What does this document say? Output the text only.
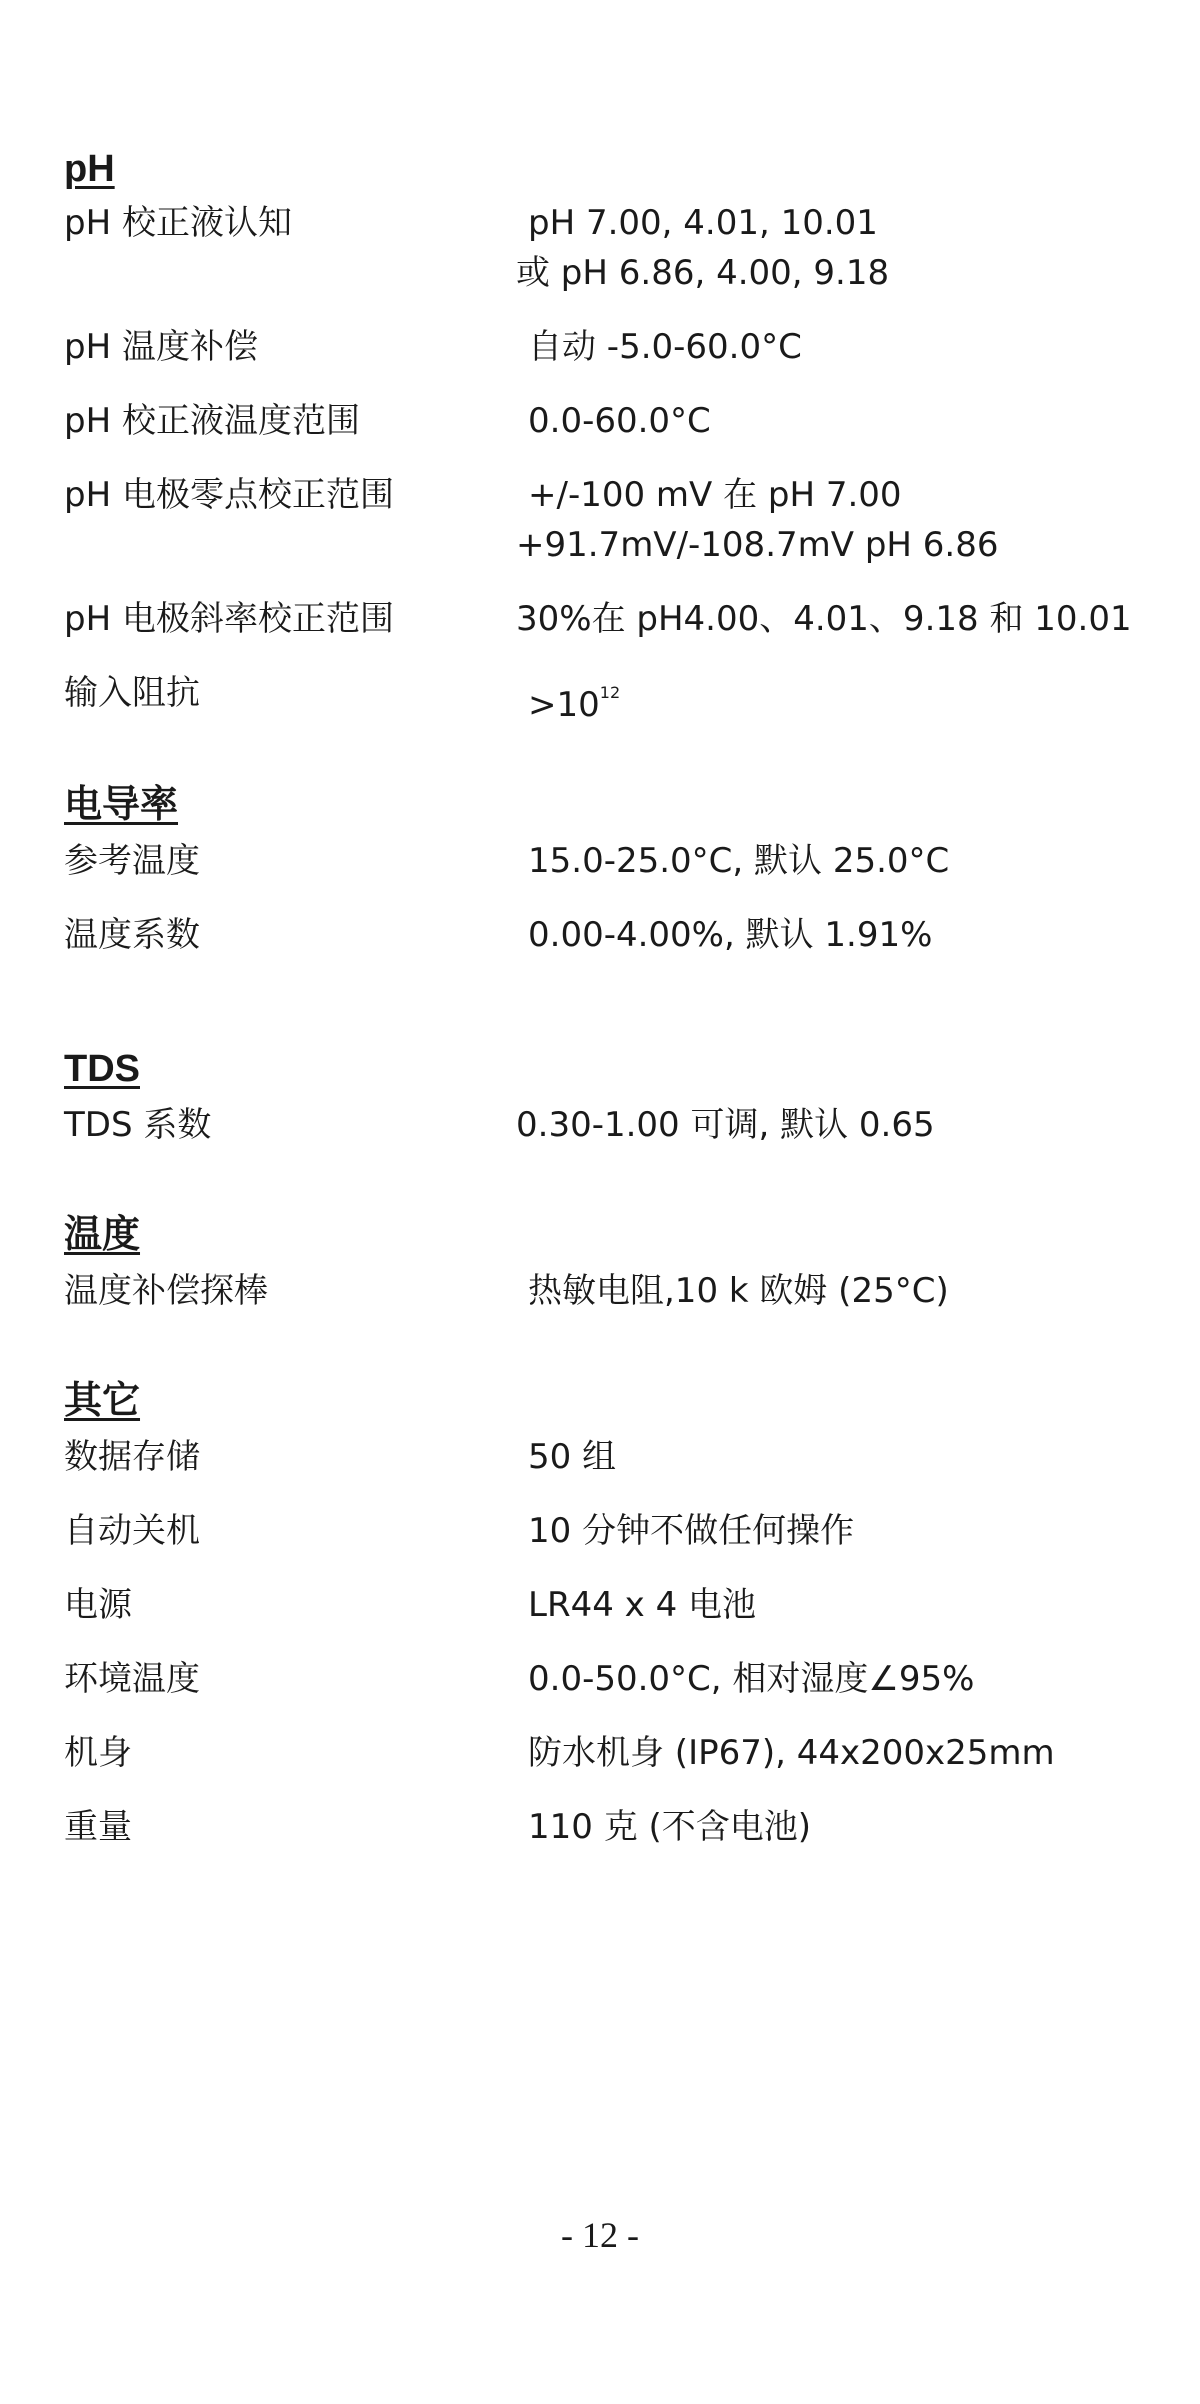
pH
pH 校正液认知	pH 7.00, 4.01, 10.01
或 pH 6.86, 4.00, 9.18
pH 温度补偿	自动 -5.0-60.0°C
pH 校正液温度范围	0.0-60.0°C
pH 电极零点校正范围	+/-100 mV 在 pH 7.00
+91.7mV/-108.7mV pH 6.86
pH 电极斜率校正范围	30%在 pH4.00、4.01、9.18 和 10.01
输入阻抗	$>10^{12}$
电导率
参考温度	15.0-25.0°C, 默认 25.0°C
温度系数	0.00-4.00%, 默认 1.91%
TDS
TDS 系数	0.30-1.00 可调, 默认 0.65
温度
温度补偿探棒	热敏电阻,10 k 欧姆 (25°C)
其它
数据存储	50 组
自动关机	10 分钟不做任何操作
电源	LR44 x 4 电池
环境温度	0.0-50.0°C, 相对湿度∠95%
机身	防水机身 (IP67), 44x200x25mm
重量	110 克 (不含电池)
- 12 -
